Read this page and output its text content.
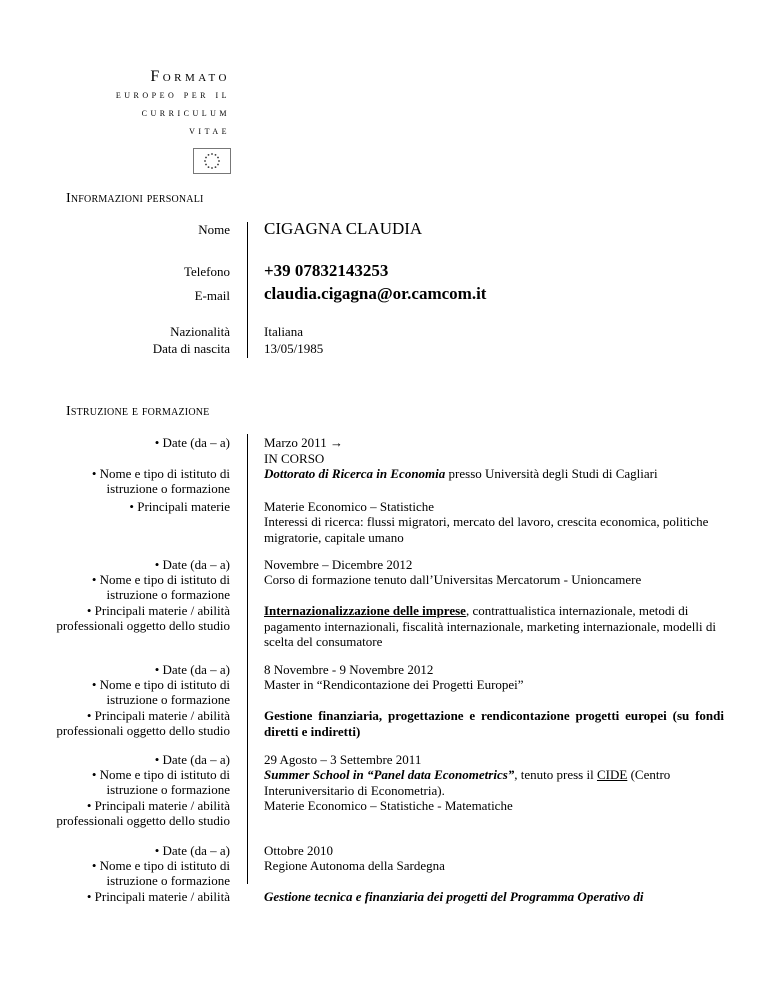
Formato
europeo per il
curriculum
vitae
Informazioni personali
Nome CIGAGNA CLAUDIA
Telefono +39 07832143253
E-mail claudia.cigagna@or.camcom.it
Nazionalità	Italiana
Data di nascita	13/05/1985
Istruzione e formazione
• Date (da – a)
• Nome e tipo di istituto di
istruzione o formazione
• Principali materie
Marzo 2011 →
IN CORSO
Dottorato di Ricerca in Economia presso Università degli Studi di Cagliari
Materie Economico – Statistiche
Interessi di ricerca: flussi migratori, mercato del lavoro, crescita economica, politiche migratorie, capitale umano
• Date (da – a)
• Nome e tipo di istituto di
istruzione o formazione
• Principali materie / abilità
professionali oggetto dello studio
Novembre – Dicembre 2012
Corso di formazione tenuto dall’Universitas Mercatorum - Unioncamere
Internazionalizzazione delle imprese, contrattualistica internazionale, metodi di pagamento internazionali, fiscalità internazionale, marketing internazionale, modelli di scelta del consumatore
• Date (da – a)
• Nome e tipo di istituto di
istruzione o formazione
• Principali materie / abilità
professionali oggetto dello studio
8 Novembre - 9 Novembre 2012
Master in “Rendicontazione dei Progetti Europei”
Gestione finanziaria, progettazione e rendicontazione progetti europei (su fondi diretti e indiretti)
• Date (da – a)
• Nome e tipo di istituto di
istruzione o formazione
• Principali materie / abilità
professionali oggetto dello studio
29 Agosto – 3 Settembre 2011
Summer School in “Panel data Econometrics”, tenuto press il CIDE (Centro Interuniversitario di Econometria).
Materie Economico – Statistiche - Matematiche
• Date (da – a)
• Nome e tipo di istituto di
istruzione o formazione
• Principali materie / abilità
Ottobre 2010
Regione Autonoma della Sardegna
Gestione tecnica e finanziaria dei progetti del Programma Operativo di
